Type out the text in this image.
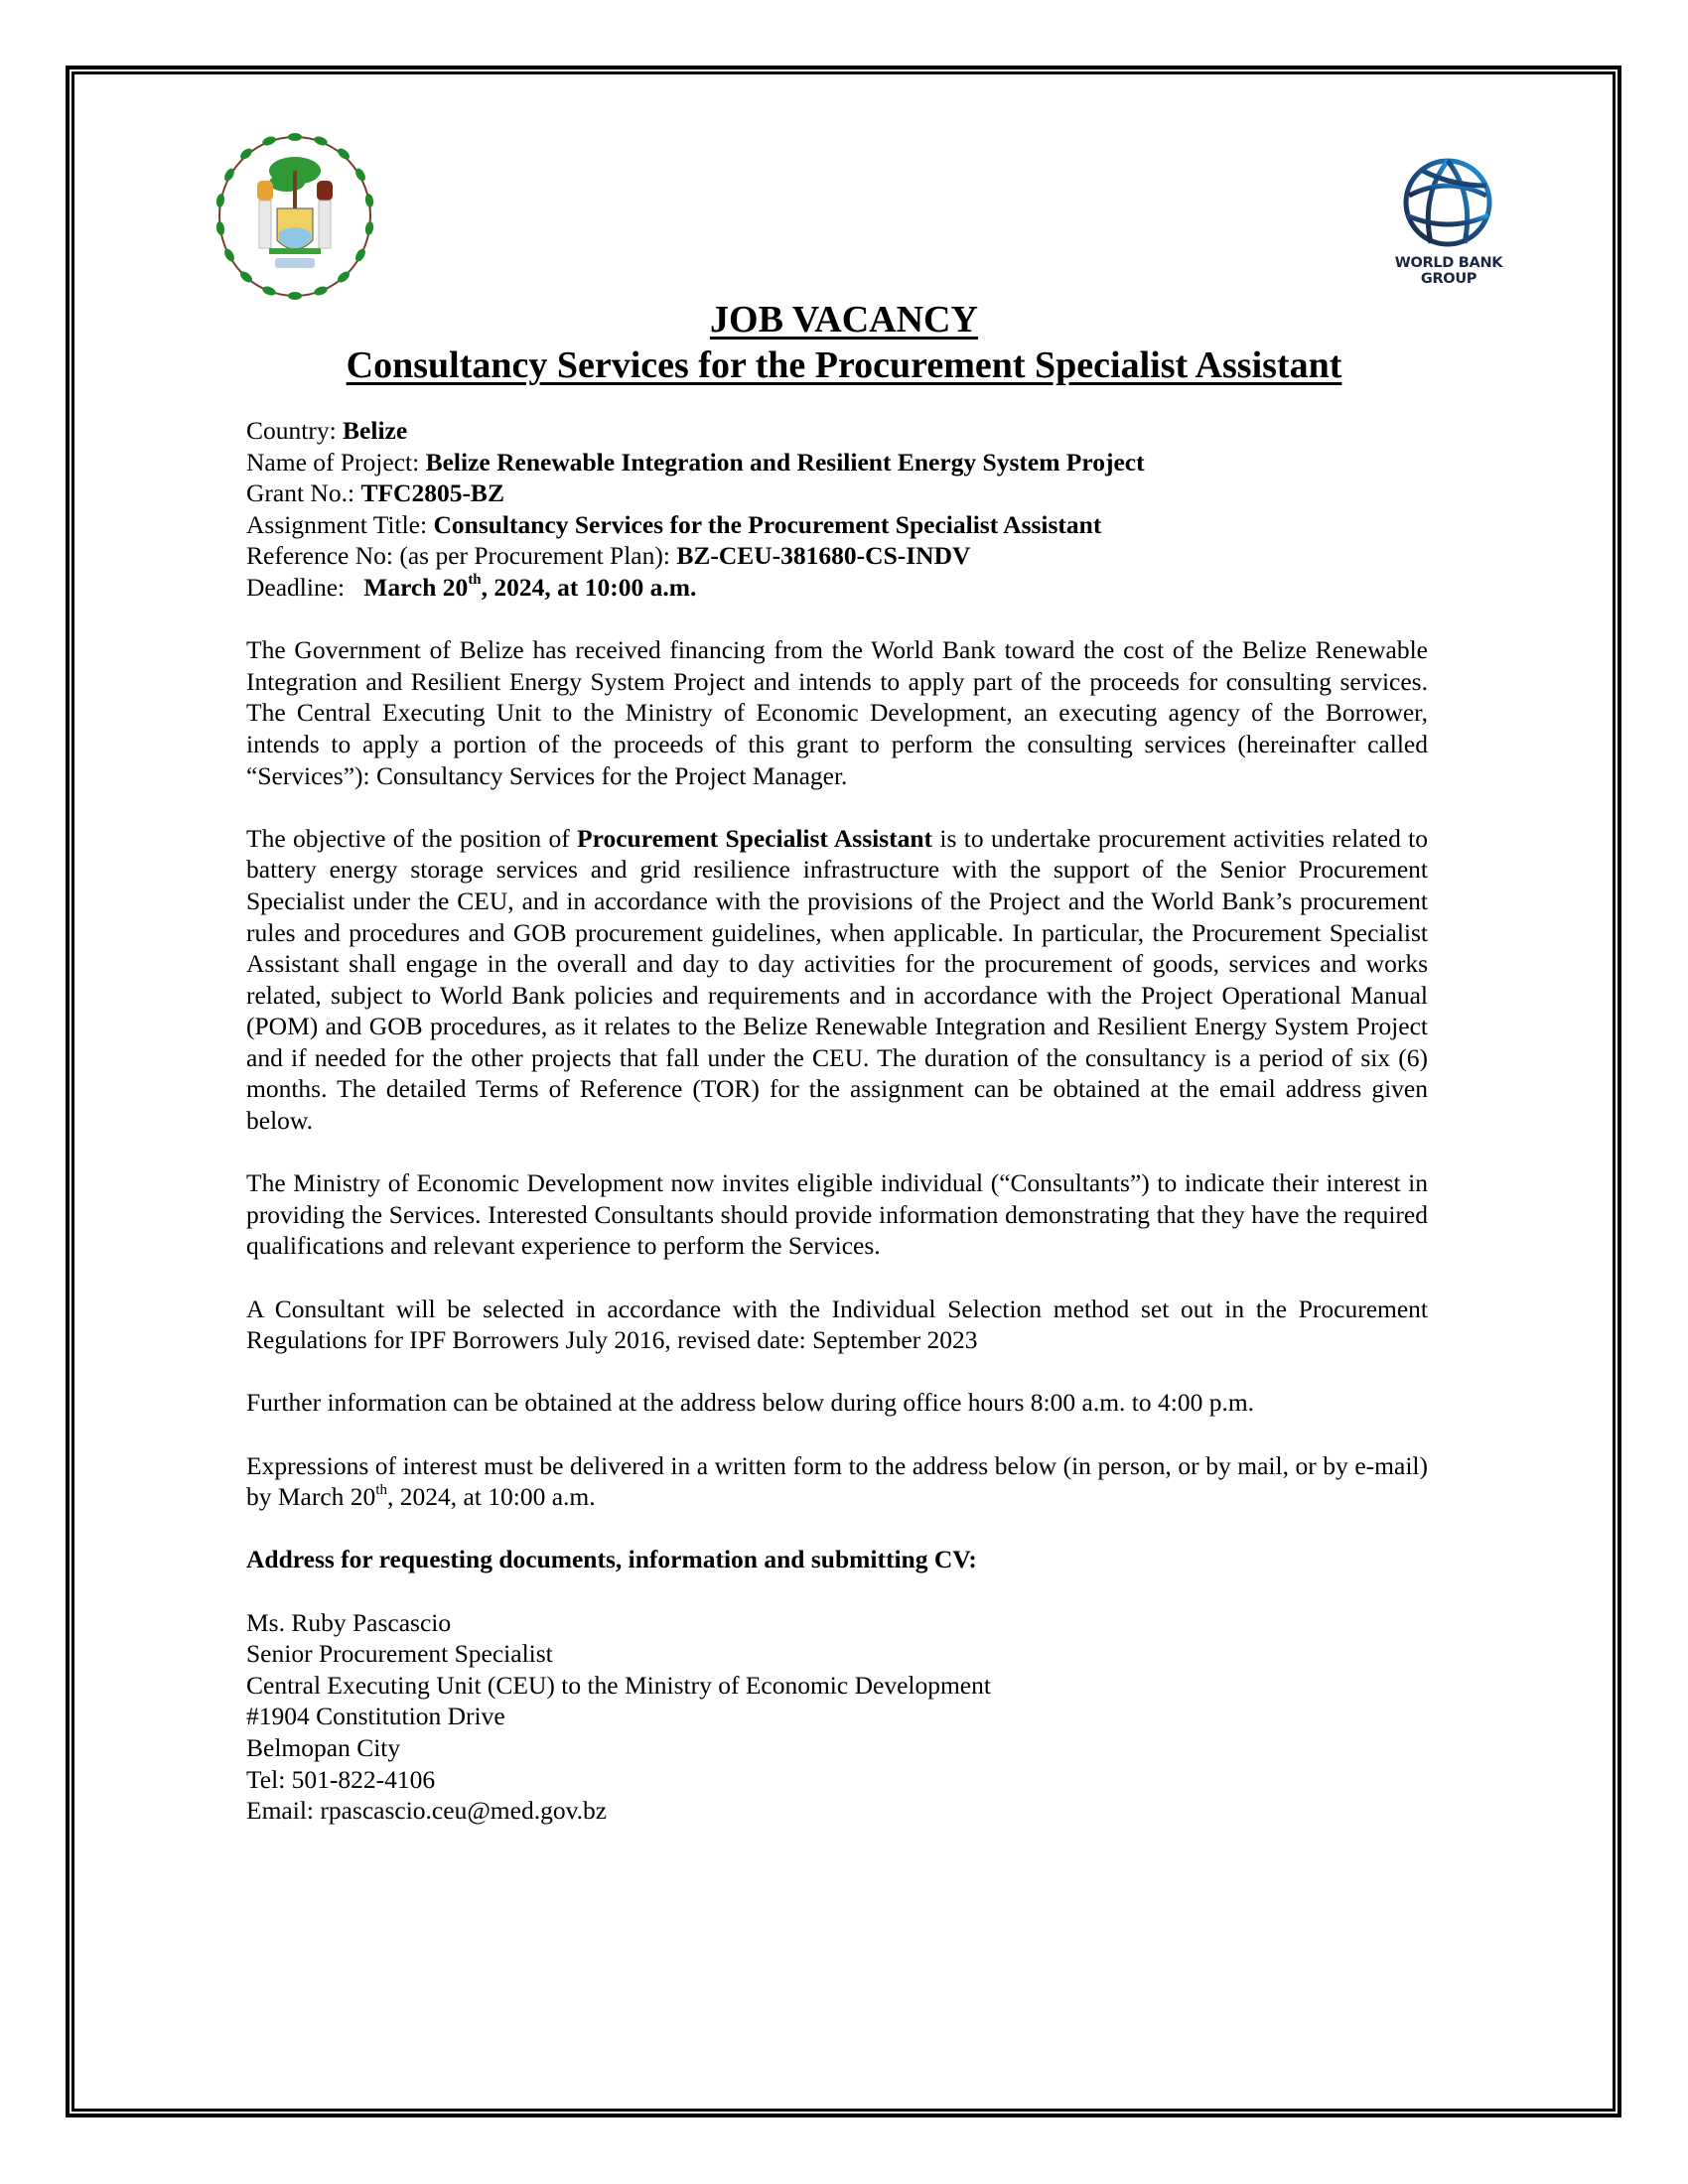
WORLD BANK
GROUP
JOB VACANCY
Consultancy Services for the Procurement Specialist Assistant

Country: Belize
Name of Project: Belize Renewable Integration and Resilient Energy System Project
Grant No.: TFC2805-BZ
Assignment Title: Consultancy Services for the Procurement Specialist Assistant
Reference No: (as per Procurement Plan): BZ-CEU-381680-CS-INDV
Deadline:   March 20th, 2024, at 10:00 a.m.

The Government of Belize has received financing from the World Bank toward the cost of the Belize Renewable Integration and Resilient Energy System Project and intends to apply part of the proceeds for consulting services. The Central Executing Unit to the Ministry of Economic Development, an executing agency of the Borrower, intends to apply a portion of the proceeds of this grant to perform the consulting services (hereinafter called “Services”): Consultancy Services for the Project Manager.

The objective of the position of Procurement Specialist Assistant is to undertake procurement activities related to battery energy storage services and grid resilience infrastructure with the support of the Senior Procurement Specialist under the CEU, and in accordance with the provisions of the Project and the World Bank’s procurement rules and procedures and GOB procurement guidelines, when applicable. In particular, the Procurement Specialist Assistant shall engage in the overall and day to day activities for the procurement of goods, services and works related, subject to World Bank policies and requirements and in accordance with the Project Operational Manual (POM) and GOB procedures, as it relates to the Belize Renewable Integration and Resilient Energy System Project and if needed for the other projects that fall under the CEU. The duration of the consultancy is a period of six (6) months. The detailed Terms of Reference (TOR) for the assignment can be obtained at the email address given below.

The Ministry of Economic Development now invites eligible individual (“Consultants”) to indicate their interest in providing the Services. Interested Consultants should provide information demonstrating that they have the required qualifications and relevant experience to perform the Services.

A Consultant will be selected in accordance with the Individual Selection method set out in the Procurement Regulations for IPF Borrowers July 2016, revised date: September 2023

Further information can be obtained at the address below during office hours 8:00 a.m. to 4:00 p.m.

Expressions of interest must be delivered in a written form to the address below (in person, or by mail, or by e-mail) by March 20th, 2024, at 10:00 a.m.

Address for requesting documents, information and submitting CV:

Ms. Ruby Pascascio
Senior Procurement Specialist
Central Executing Unit (CEU) to the Ministry of Economic Development
#1904 Constitution Drive
Belmopan City
Tel: 501-822-4106
Email: rpascascio.ceu@med.gov.bz
